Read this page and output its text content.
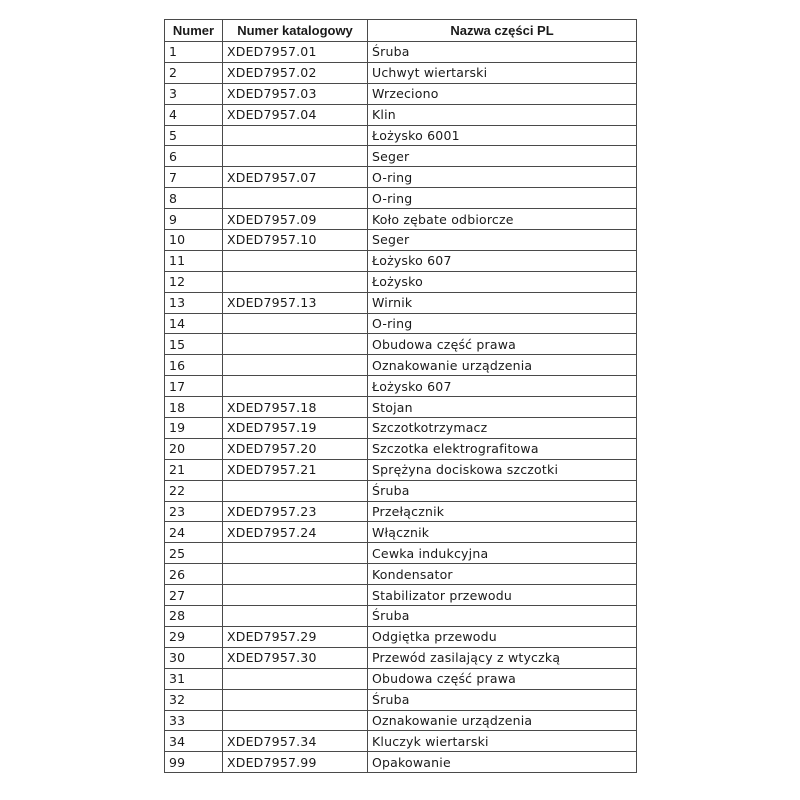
Numer	Numer katalogowy	Nazwa części PL
1	XDED7957.01	Śruba
2	XDED7957.02	Uchwyt wiertarski
3	XDED7957.03	Wrzeciono
4	XDED7957.04	Klin
5		Łożysko 6001
6		Seger
7	XDED7957.07	O-ring
8		O-ring
9	XDED7957.09	Koło zębate odbiorcze
10	XDED7957.10	Seger
11		Łożysko 607
12		Łożysko
13	XDED7957.13	Wirnik
14		O-ring
15		Obudowa część prawa
16		Oznakowanie urządzenia
17		Łożysko 607
18	XDED7957.18	Stojan
19	XDED7957.19	Szczotkotrzymacz
20	XDED7957.20	Szczotka elektrografitowa
21	XDED7957.21	Sprężyna dociskowa szczotki
22		Śruba
23	XDED7957.23	Przełącznik
24	XDED7957.24	Włącznik
25		Cewka indukcyjna
26		Kondensator
27		Stabilizator przewodu
28		Śruba
29	XDED7957.29	Odgiętka przewodu
30	XDED7957.30	Przewód zasilający z wtyczką
31		Obudowa część prawa
32		Śruba
33		Oznakowanie urządzenia
34	XDED7957.34	Kluczyk wiertarski
99	XDED7957.99	Opakowanie
